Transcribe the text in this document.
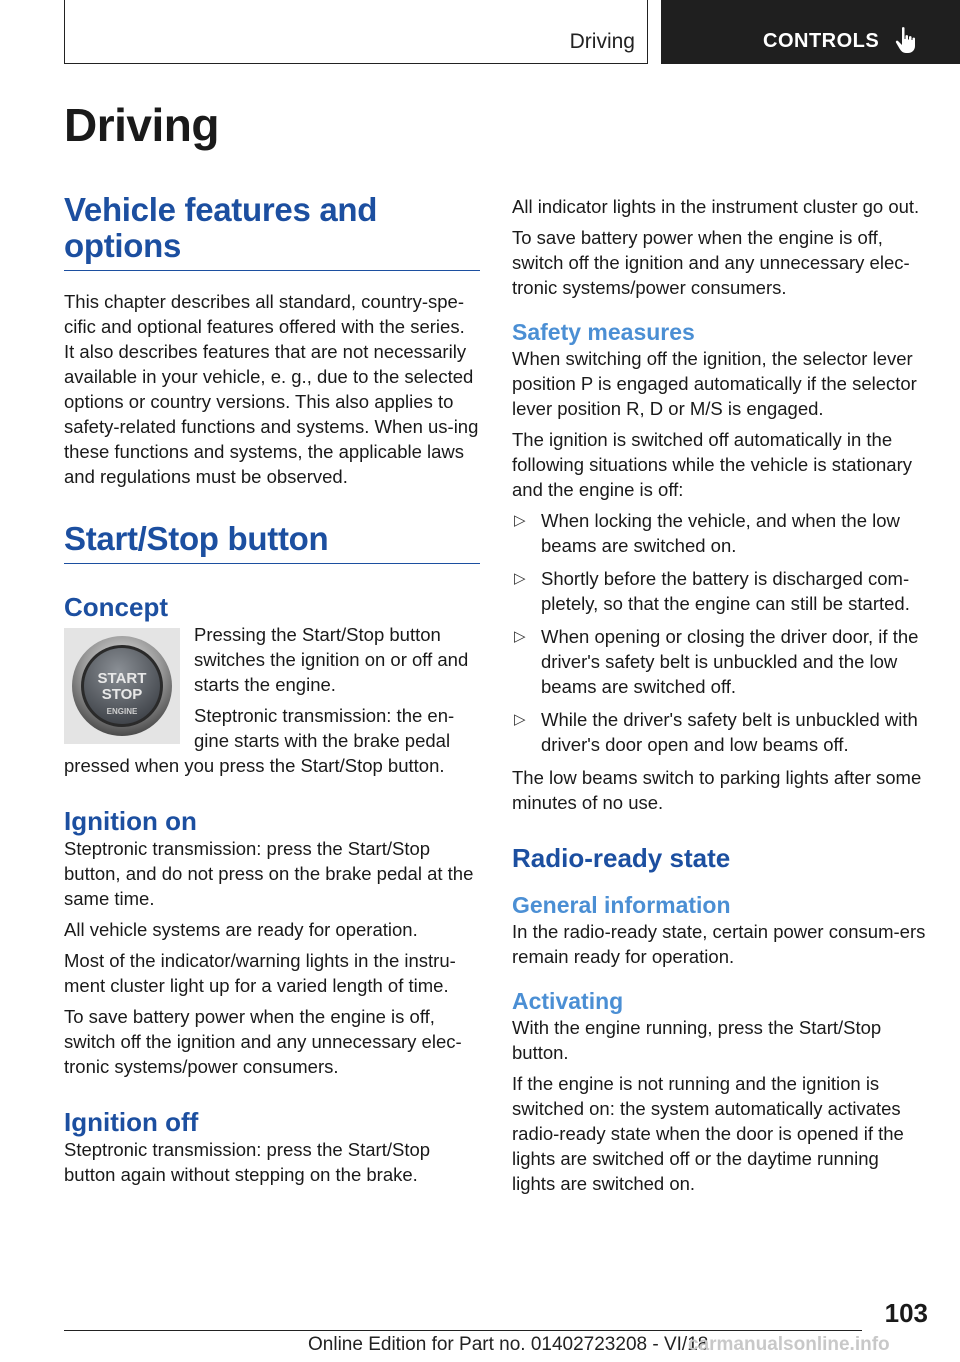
Driving	CONTROLS
Driving
Vehicle features and options

This chapter describes all standard, country-spe‐cific and optional features offered with the series. It also describes features that are not necessarily available in your vehicle, e. g., due to the selected options or country versions. This also applies to safety-related functions and systems. When us‐ing these functions and systems, the applicable laws and regulations must be observed.

Start/Stop button
Concept
START
STOP
ENGINE

Pressing the Start/Stop button switches the ignition on or off and starts the engine.

Steptronic transmission: the en‐gine starts with the brake pedal pressed when you press the Start/Stop button.

Ignition on

Steptronic transmission: press the Start/Stop button, and do not press on the brake pedal at the same time.

All vehicle systems are ready for operation.

Most of the indicator/warning lights in the instru‐ment cluster light up for a varied length of time.

To save battery power when the engine is off, switch off the ignition and any unnecessary elec‐tronic systems/power consumers.

Ignition off

Steptronic transmission: press the Start/Stop button again without stepping on the brake.

All indicator lights in the instrument cluster go out.

To save battery power when the engine is off, switch off the ignition and any unnecessary elec‐tronic systems/power consumers.

Safety measures

When switching off the ignition, the selector lever position P is engaged automatically if the selector lever position R, D or M/S is engaged.

The ignition is switched off automatically in the following situations while the vehicle is stationary and the engine is off:

▷ When locking the vehicle, and when the low beams are switched on.
▷ Shortly before the battery is discharged com‐pletely, so that the engine can still be started.
▷ When opening or closing the driver door, if the driver's safety belt is unbuckled and the low beams are switched off.
▷ While the driver's safety belt is unbuckled with driver's door open and low beams off.

The low beams switch to parking lights after some minutes of no use.

Radio-ready state
General information

In the radio-ready state, certain power consum‐ers remain ready for operation.

Activating

With the engine running, press the Start/Stop button.

If the engine is not running and the ignition is switched on: the system automatically activates radio-ready state when the door is opened if the lights are switched off or the daytime running lights are switched on.

103
Online Edition for Part no. 01402723208 - VI/18
carmanualsonline.info
